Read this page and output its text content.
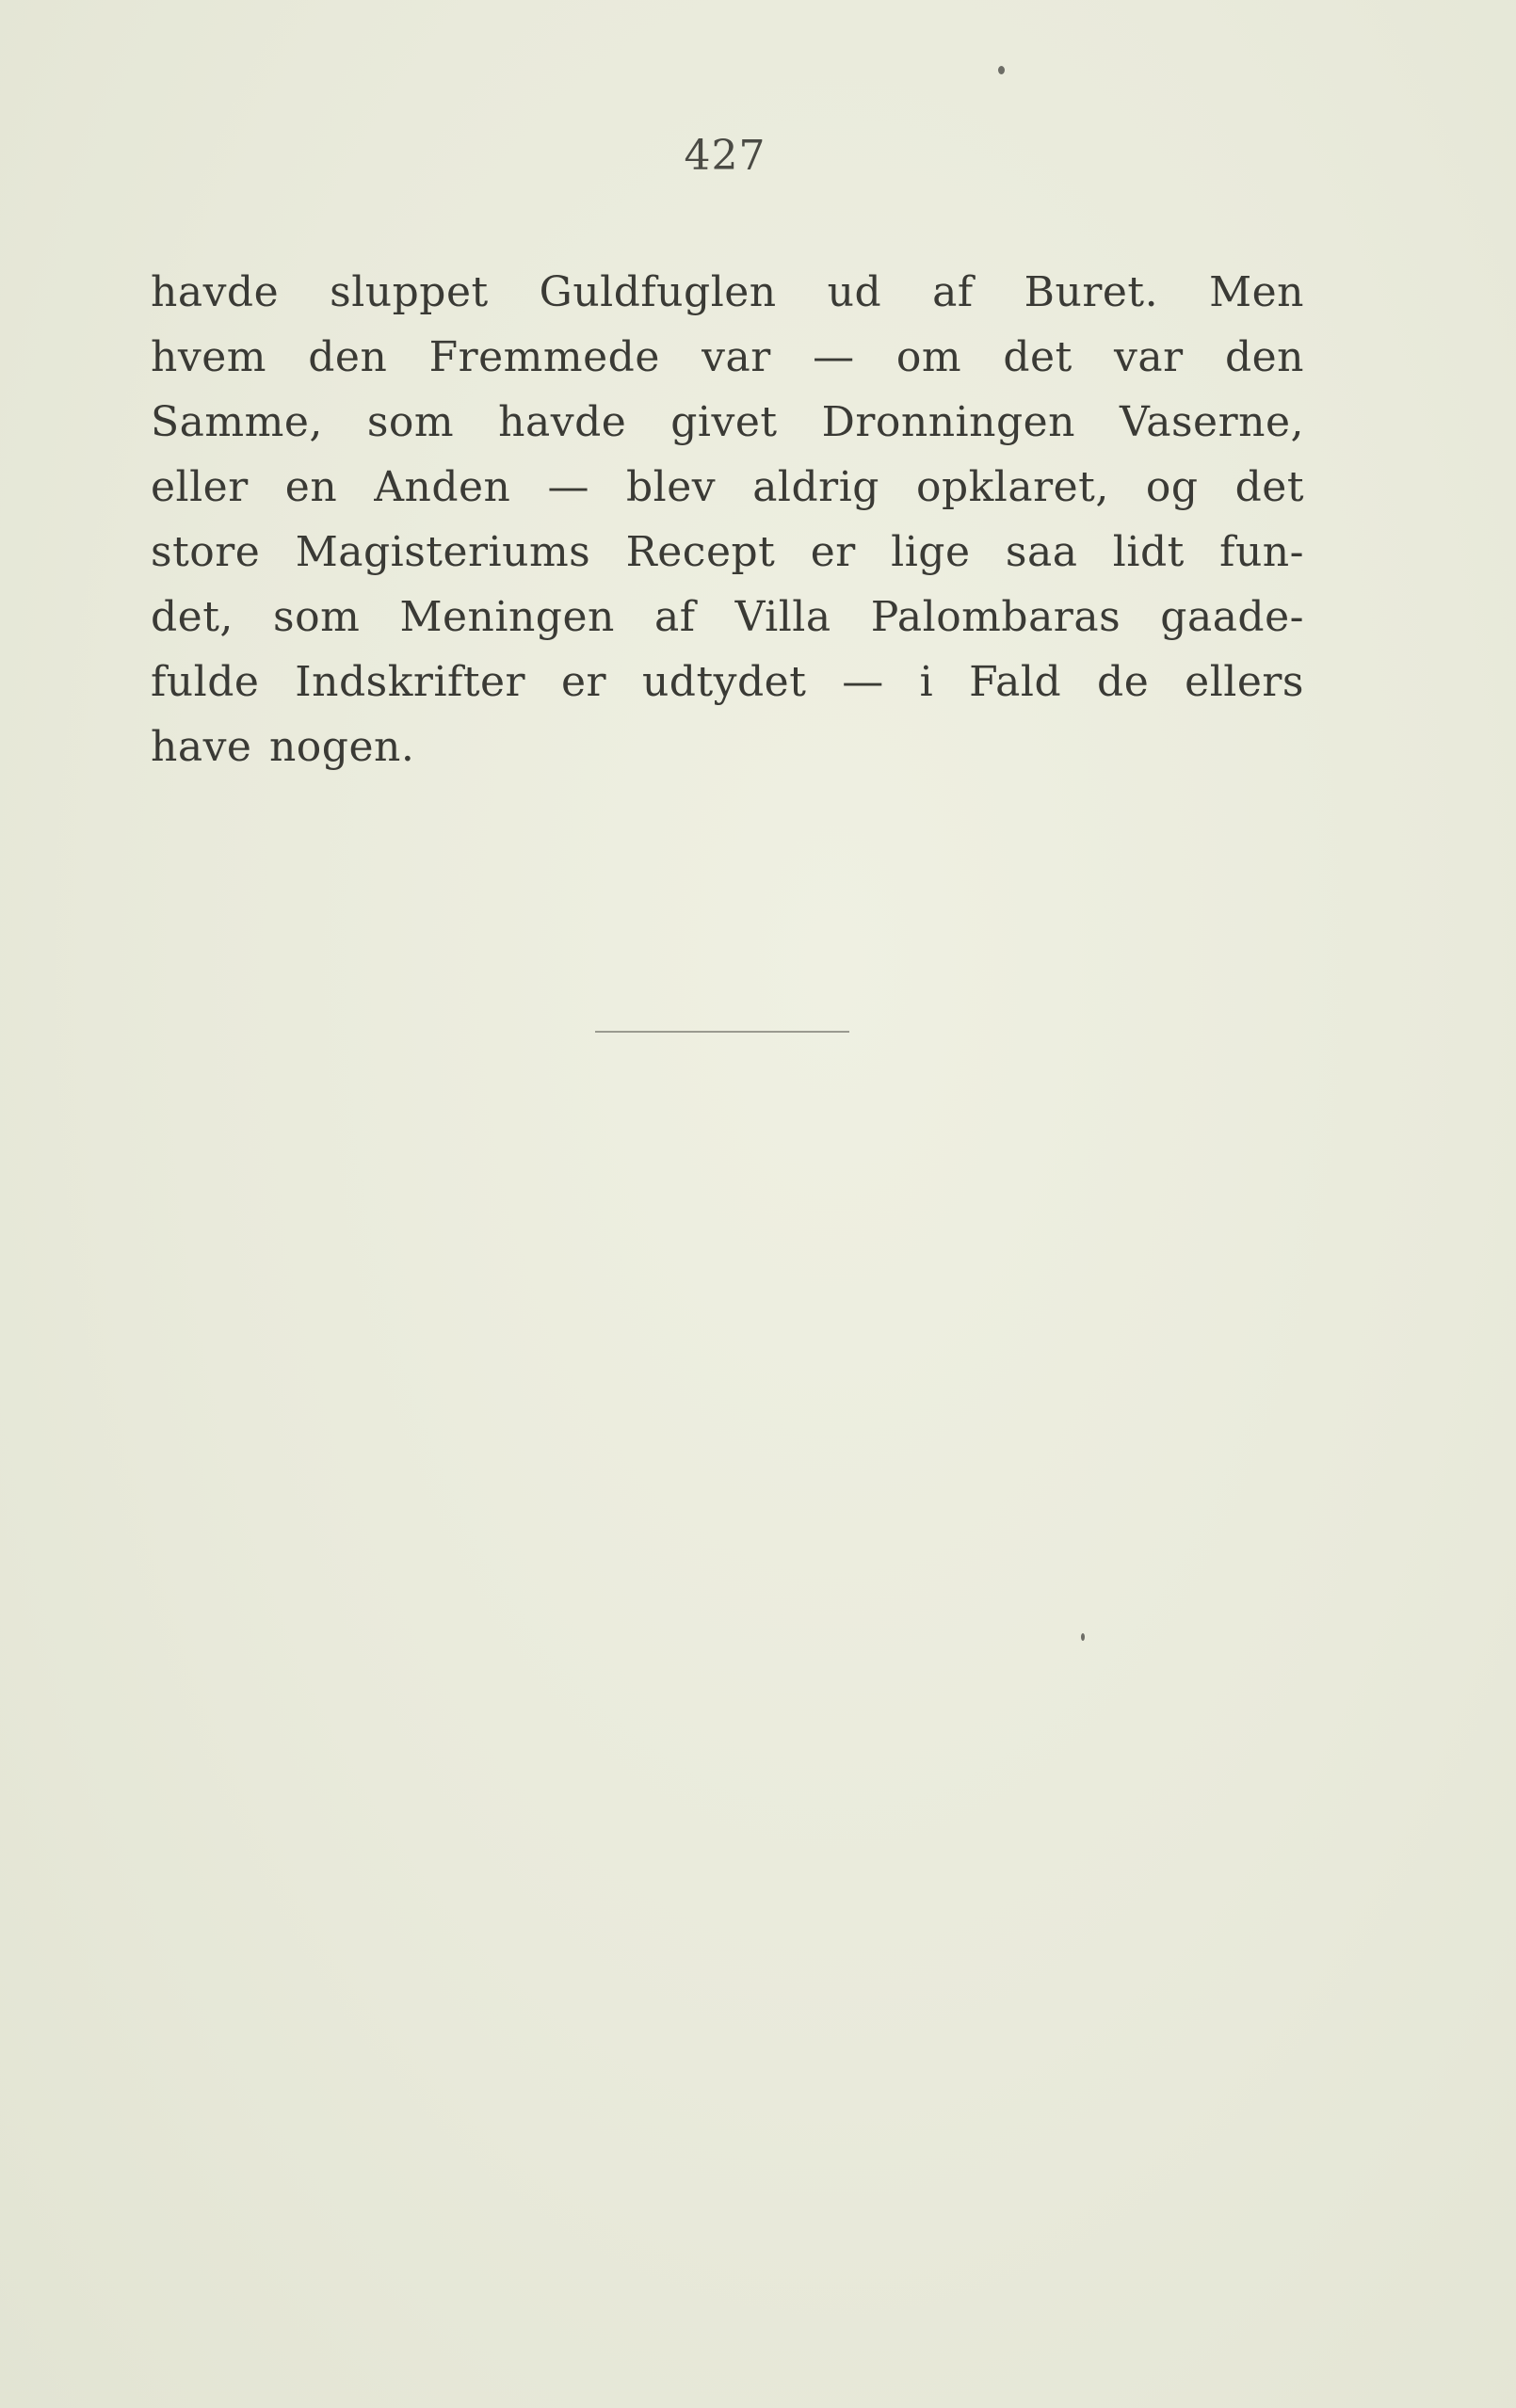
427
havde sluppet Guldfuglen ud af Buret. Men
hvem den Fremmede var — om det var den
Samme, som havde givet Dronningen Vaserne,
eller en Anden — blev aldrig opklaret, og det
store Magisteriums Recept er lige saa lidt fun-
det, som Meningen af Villa Palombaras gaade-
fulde Indskrifter er udtydet — i Fald de ellers
have nogen.
